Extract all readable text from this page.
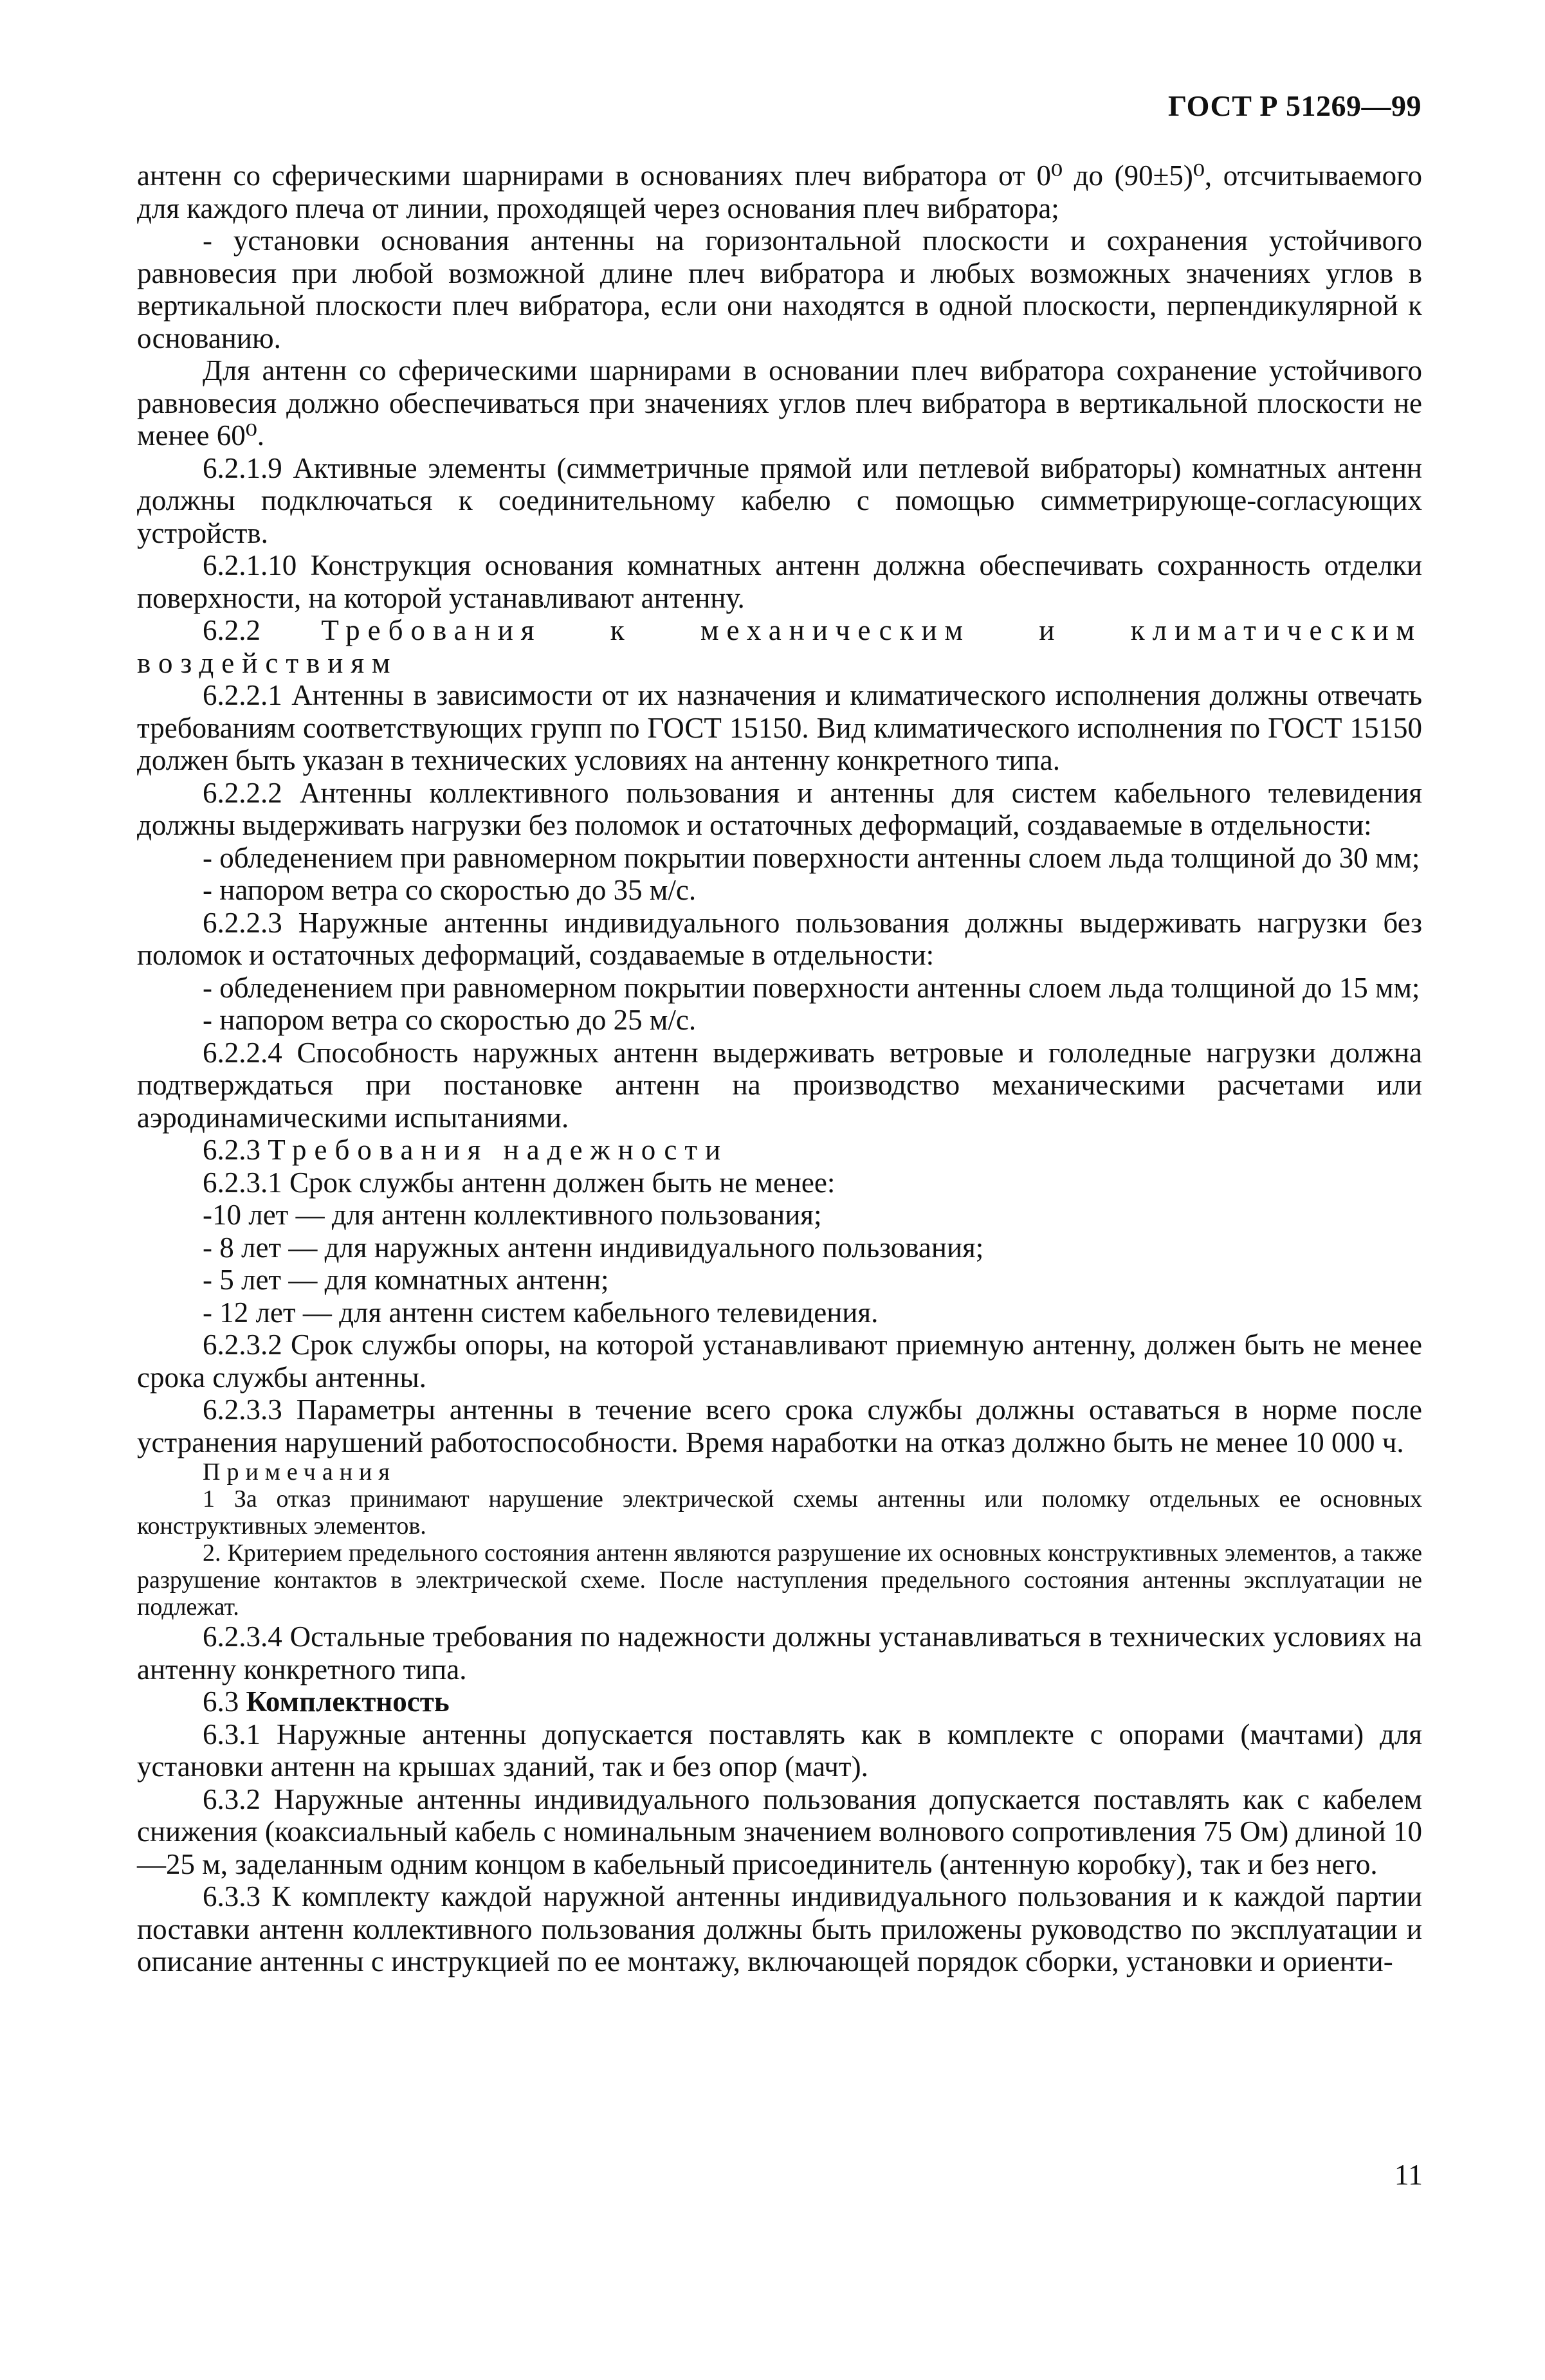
ГОСТ Р 51269—99

антенн со сферическими шарнирами в основаниях плеч вибратора от 0⁰ до (90±5)⁰, отсчитываемого для каждого плеча от линии, проходящей через основания плеч вибратора;

- установки основания антенны на горизонтальной плоскости и сохранения устойчивого равновесия при любой возможной длине плеч вибратора и любых возможных значениях углов в вертикальной плоскости плеч вибратора, если они находятся в одной плоскости, перпендикулярной к основанию.

Для антенн со сферическими шарнирами в основании плеч вибратора сохранение устойчивого равновесия должно обеспечиваться при значениях углов плеч вибратора в вертикальной плоскости не менее 60⁰.

6.2.1.9 Активные элементы (симметричные прямой или петлевой вибраторы) комнатных антенн должны подключаться к соединительному кабелю с помощью симметрирующе-согласующих устройств.

6.2.1.10 Конструкция основания комнатных антенн должна обеспечивать сохранность отделки поверхности, на которой устанавливают антенну.

6.2.2 Требования к механическим и климатическим воздействиям

6.2.2.1 Антенны в зависимости от их назначения и климатического исполнения должны отвечать требованиям соответствующих групп по ГОСТ 15150. Вид климатического исполнения по ГОСТ 15150 должен быть указан в технических условиях на антенну конкретного типа.

6.2.2.2 Антенны коллективного пользования и антенны для систем кабельного телевидения должны выдерживать нагрузки без поломок и остаточных деформаций, создаваемые в отдельности:

- обледенением при равномерном покрытии поверхности антенны слоем льда толщиной до 30 мм;

- напором ветра со скоростью до 35 м/с.

6.2.2.3 Наружные антенны индивидуального пользования должны выдерживать нагрузки без поломок и остаточных деформаций, создаваемые в отдельности:

- обледенением при равномерном покрытии поверхности антенны слоем льда толщиной до 15 мм;

- напором ветра со скоростью до 25 м/с.

6.2.2.4 Способность наружных антенн выдерживать ветровые и гололедные нагрузки должна подтверждаться при постановке антенн на производство механическими расчетами или аэродинамическими испытаниями.

6.2.3 Требования надежности

6.2.3.1 Срок службы антенн должен быть не менее:

-10 лет — для антенн коллективного пользования;

- 8 лет — для наружных антенн индивидуального пользования;

- 5 лет — для комнатных антенн;

- 12 лет — для антенн систем кабельного телевидения.

6.2.3.2 Срок службы опоры, на которой устанавливают приемную антенну, должен быть не менее срока службы антенны.

6.2.3.3 Параметры антенны в течение всего срока службы должны оставаться в норме после устранения нарушений работоспособности. Время наработки на отказ должно быть не менее 10 000 ч.

Примечания

1 За отказ принимают нарушение электрической схемы антенны или поломку отдельных ее основных конструктивных элементов.

2. Критерием предельного состояния антенн являются разрушение их основных конструктивных элементов, а также разрушение контактов в электрической схеме. После наступления предельного состояния антенны эксплуатации не подлежат.

6.2.3.4 Остальные требования по надежности должны устанавливаться в технических условиях на антенну конкретного типа.

6.3 Комплектность

6.3.1 Наружные антенны допускается поставлять как в комплекте с опорами (мачтами) для установки антенн на крышах зданий, так и без опор (мачт).

6.3.2 Наружные антенны индивидуального пользования допускается поставлять как с кабелем снижения (коаксиальный кабель с номинальным значением волнового сопротивления 75 Ом) длиной 10—25 м, заделанным одним концом в кабельный присоединитель (антенную коробку), так и без него.

6.3.3 К комплекту каждой наружной антенны индивидуального пользования и к каждой партии поставки антенн коллективного пользования должны быть приложены руководство по эксплуатации и описание антенны с инструкцией по ее монтажу, включающей порядок сборки, установки и ориенти-

11
